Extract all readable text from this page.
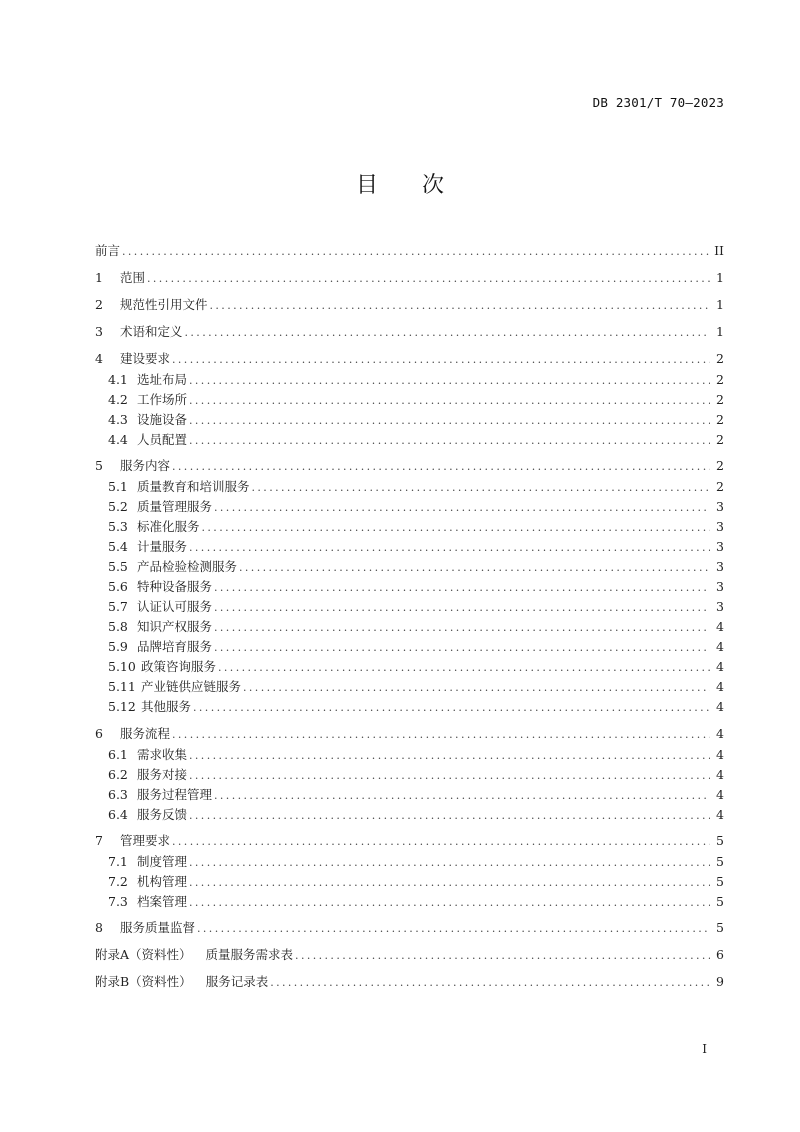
DB 2301/T 70—2023
目 次
前言 .....	II
1	范围 .....	1
2	规范性引用文件 .....	1
3	术语和定义 .....	1
4	建设要求 .....	2
4.1 选址布局 .....	2
4.2 工作场所 .....	2
4.3 设施设备 .....	2
4.4 人员配置 .....	2
5	服务内容 .....	2
5.1 质量教育和培训服务 .....	2
5.2 质量管理服务 .....	3
5.3 标准化服务 .....	3
5.4 计量服务 .....	3
5.5 产品检验检测服务 .....	3
5.6 特种设备服务 .....	3
5.7 认证认可服务 .....	3
5.8 知识产权服务 .....	4
5.9 品牌培育服务 .....	4
5.10 政策咨询服务 .....	4
5.11 产业链供应链服务 .....	4
5.12 其他服务 .....	4
6	服务流程 .....	4
6.1 需求收集 .....	4
6.2 服务对接 .....	4
6.3 服务过程管理 .....	4
6.4 服务反馈 .....	4
7	管理要求 .....	5
7.1 制度管理 .....	5
7.2 机构管理 .....	5
7.3 档案管理 .....	5
8	服务质量监督 .....	5
附录A（资料性） 质量服务需求表 .....	6
附录B（资料性） 服务记录表 .....	9
I
